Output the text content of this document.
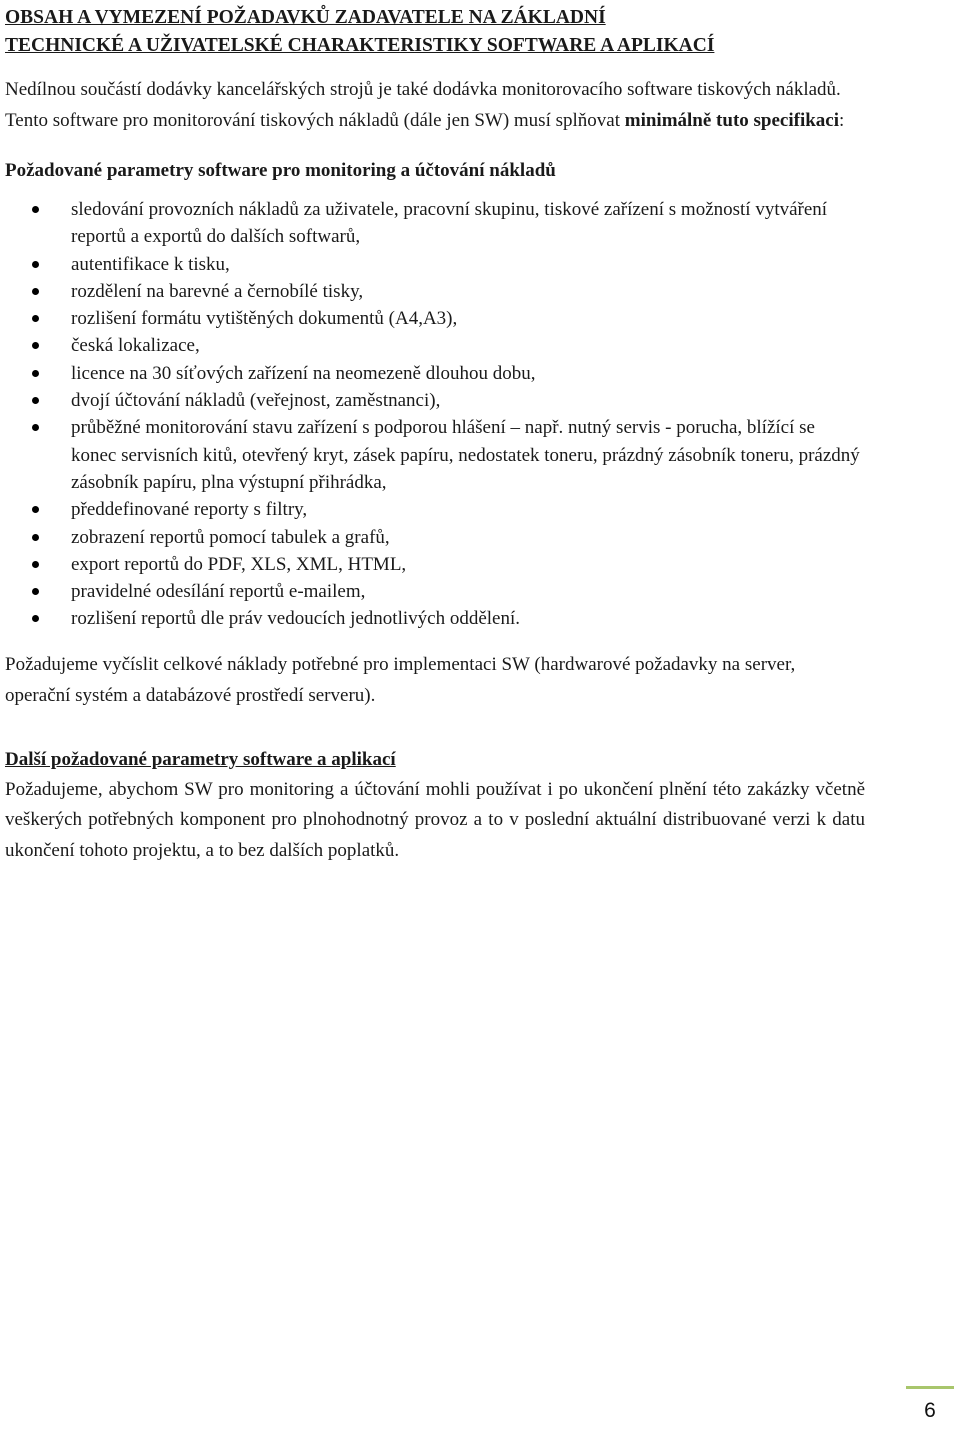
OBSAH A VYMEZENÍ POŽADAVKŮ ZADAVATELE NA ZÁKLADNÍ
TECHNICKÉ A UŽIVATELSKÉ CHARAKTERISTIKY SOFTWARE A APLIKACÍ

Nedílnou součástí dodávky kancelářských strojů je také dodávka monitorovacího software tiskových nákladů. Tento software pro monitorování tiskových nákladů (dále jen SW) musí splňovat minimálně tuto specifikaci:

Požadované parametry software pro monitoring a účtování nákladů

sledování provozních nákladů za uživatele, pracovní skupinu, tiskové zařízení s možností vytváření reportů a exportů do dalších softwarů,
autentifikace k tisku,
rozdělení na barevné a černobílé tisky,
rozlišení formátu vytištěných dokumentů (A4,A3),
česká lokalizace,
licence na 30 síťových zařízení na neomezeně dlouhou dobu,
dvojí účtování nákladů (veřejnost, zaměstnanci),
průběžné monitorování stavu zařízení s podporou hlášení – např. nutný servis - porucha, blížící se konec servisních kitů, otevřený kryt, zásek papíru, nedostatek toneru, prázdný zásobník toneru, prázdný zásobník papíru, plna výstupní přihrádka,
předdefinované reporty s filtry,
zobrazení reportů pomocí tabulek a grafů,
export reportů do PDF, XLS, XML, HTML,
pravidelné odesílání reportů e-mailem,
rozlišení reportů dle práv vedoucích jednotlivých oddělení.

Požadujeme vyčíslit celkové náklady potřebné pro implementaci SW (hardwarové požadavky na server, operační systém a databázové prostředí serveru).

Další požadované parametry software a aplikací

Požadujeme, abychom SW pro monitoring a účtování mohli používat i po ukončení plnění této zakázky včetně veškerých potřebných komponent pro plnohodnotný provoz a to v poslední aktuální distribuované verzi k datu ukončení tohoto projektu, a to bez dalších poplatků.

6
